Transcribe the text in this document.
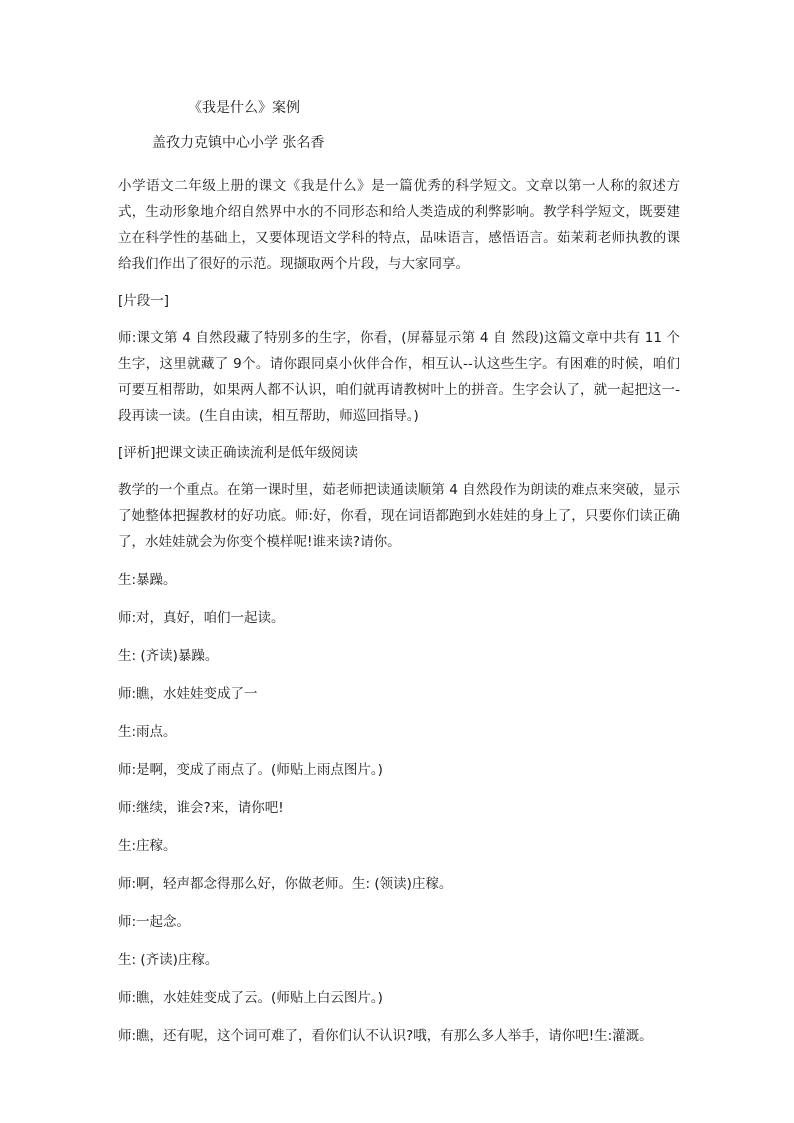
《我是什么》案例
盖孜力克镇中心小学 张名香

小学语文二年级上册的课文《我是什么》是一篇优秀的科学短文。文章以第一人称的叙述方式，生动形象地介绍自然界中水的不同形态和给人类造成的利弊影响。教学科学短文，既要建立在科学性的基础上，又要体现语文学科的特点，品味语言，感悟语言。茹茉莉老师执教的课给我们作出了很好的示范。现撷取两个片段，与大家同享。

[片段一]

师:课文第 4 自然段藏了特别多的生字，你看，(屏幕显示第 4 自 然段)这篇文章中共有 11 个生字，这里就藏了 9个。请你跟同桌小伙伴合作，相互认--认这些生字。有困难的时候，咱们可要互相帮助，如果两人都不认识，咱们就再请教树叶上的拼音。生字会认了，就一起把这一-段再读一读。(生自由读，相互帮助，师巡回指导。)

[评析]把课文读正确读流利是低年级阅读

教学的一个重点。在第一课时里，茹老师把读通读顺第 4 自然段作为朗读的难点来突破，显示了她整体把握教材的好功底。师:好，你看，现在词语都跑到水娃娃的身上了，只要你们读正确了，水娃娃就会为你变个模样呢!谁来读?请你。

生:暴躁。

师:对，真好，咱们一起读。

生: (齐读)暴躁。

师:瞧，水娃娃变成了一

生:雨点。

师:是啊，变成了雨点了。(师贴上雨点图片。)

师:继续，谁会?来，请你吧!

生:庄稼。

师:啊，轻声都念得那么好，你做老师。生: (领读)庄稼。

师:一起念。

生: (齐读)庄稼。

师:瞧，水娃娃变成了云。(师贴上白云图片。)

师:瞧，还有呢，这个词可难了，看你们认不认识?哦，有那么多人举手，请你吧!生:灌溉。
